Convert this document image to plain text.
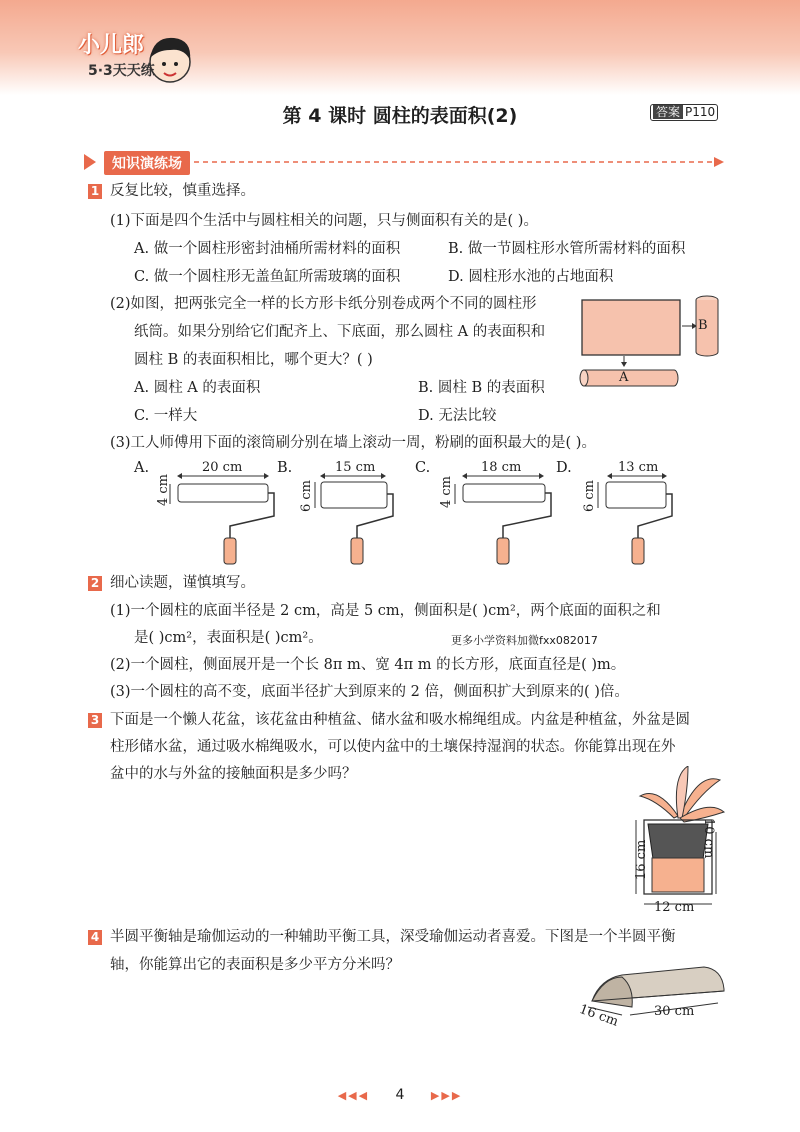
小儿郎
5·3天天练
第 4 课时 圆柱的表面积(2)	答案 P110
知识演练场
1 反复比较，慎重选择。
(1)下面是四个生活中与圆柱相关的问题，只与侧面积有关的是( )。
A. 做一个圆柱形密封油桶所需材料的面积	B. 做一节圆柱形水管所需材料的面积
C. 做一个圆柱形无盖鱼缸所需玻璃的面积	D. 圆柱形水池的占地面积
(2)如图，把两张完全一样的长方形卡纸分别卷成两个不同的圆柱形
纸筒。如果分别给它们配齐上、下底面，那么圆柱 A 的表面积和
圆柱 B 的表面积相比，哪个更大？( )
A. 圆柱 A 的表面积	B. 圆柱 B 的表面积
C. 一样大	D. 无法比较
B
A
(3)工人师傅用下面的滚筒刷分别在墙上滚动一周，粉刷的面积最大的是( )。
A.	20 cm
4 cm
B.	15 cm
6 cm
C.	18 cm
4 cm
D.	13 cm
6 cm
2 细心读题，谨慎填写。
(1)一个圆柱的底面半径是 2 cm，高是 5 cm，侧面积是( )cm²，两个底面的面积之和
是( )cm²，表面积是( )cm²。	更多小学资料加微fxx082017
(2)一个圆柱，侧面展开是一个长 8π m、宽 4π m 的长方形，底面直径是( )m。
(3)一个圆柱的高不变，底面半径扩大到原来的 2 倍，侧面积扩大到原来的( )倍。
3 下面是一个懒人花盆，该花盆由种植盆、储水盆和吸水棉绳组成。内盆是种植盆，外盆是圆
柱形储水盆，通过吸水棉绳吸水，可以使内盆中的土壤保持湿润的状态。你能算出现在外
盆中的水与外盆的接触面积是多少吗？
16 cm
10 cm
12 cm
4 半圆平衡轴是瑜伽运动的一种辅助平衡工具，深受瑜伽运动者喜爱。下图是一个半圆平衡
轴，你能算出它的表面积是多少平方分米吗？
16 cm	30 cm
◀◀◀ 4 ▶▶▶
